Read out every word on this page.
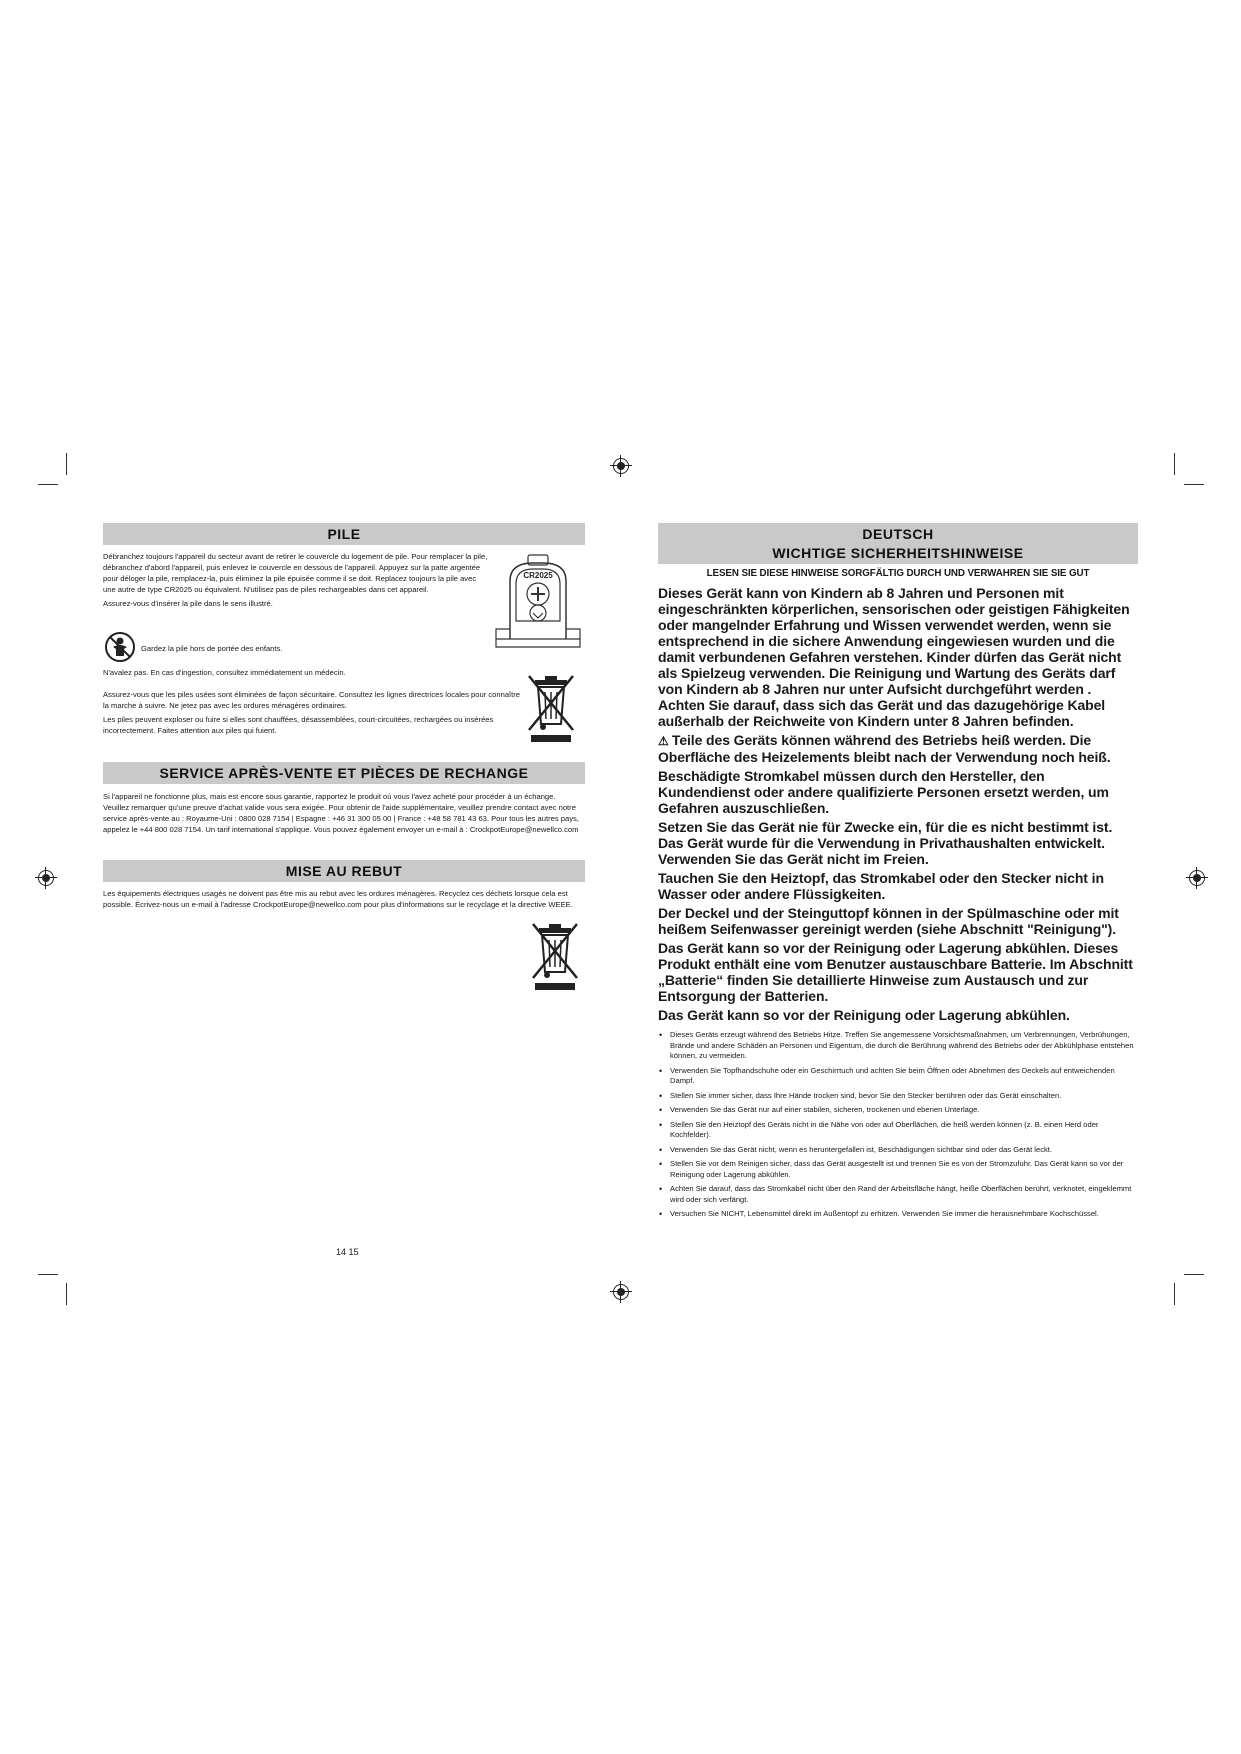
PILE

Débranchez toujours l'appareil du secteur avant de retirer le couvercle du logement de pile. Pour remplacer la pile, débranchez d'abord l'appareil, puis enlevez le couvercle en dessous de l'appareil. Appuyez sur la patte argentée pour déloger la pile, remplacez-la, puis éliminez la pile épuisée comme il se doit. Replacez toujours la pile avec une autre de type CR2025 ou équivalent. N'utilisez pas de piles rechargeables dans cet appareil.

Assurez-vous d'insérer la pile dans le sens illustré.

CR2025
Gardez la pile hors de portée des enfants.
N'avalez pas. En cas d'ingestion, consultez immédiatement un médecin.

Assurez-vous que les piles usées sont éliminées de façon sécuritaire. Consultez les lignes directrices locales pour connaître la marche à suivre. Ne jetez pas avec les ordures ménagères ordinaires.

Les piles peuvent exploser ou fuire si elles sont chauffées, désassemblées, court-circuitées, rechargées ou insérées incorrectement. Faites attention aux piles qui fuient.

SERVICE APRÈS-VENTE ET PIÈCES DE RECHANGE
Si l'appareil ne fonctionne plus, mais est encore sous garantie, rapportez le produit où vous l'avez acheté pour procéder à un échange. Veuillez remarquer qu'une preuve d'achat valide vous sera exigée. Pour obtenir de l'aide supplémentaire, veuillez prendre contact avec notre service après-vente au : Royaume-Uni : 0800 028 7154 | Espagne : +46 31 300 05 00 | France : +48 58 781 43 63. Pour tous les autres pays, appelez le +44 800 028 7154. Un tarif international s'applique. Vous pouvez également envoyer un e-mail à : CrockpotEurope@newellco.com
MISE AU REBUT
Les équipements électriques usagés ne doivent pas être mis au rebut avec les ordures ménagères. Recyclez ces déchets lorsque cela est possible. Écrivez-nous un e-mail à l'adresse CrockpotEurope@newellco.com pour plus d'informations sur le recyclage et la directive WEEE.
14 15
DEUTSCH
WICHTIGE SICHERHEITSHINWEISE
LESEN SIE DIESE HINWEISE SORGFÄLTIG DURCH UND VERWAHREN SIE SIE GUT

Dieses Gerät kann von Kindern ab 8 Jahren und Personen mit eingeschränkten körperlichen, sensorischen oder geistigen Fähigkeiten oder mangelnder Erfahrung und Wissen verwendet werden, wenn sie entsprechend in die sichere Anwendung eingewiesen wurden und die damit verbundenen Gefahren verstehen. Kinder dürfen das Gerät nicht als Spielzeug verwenden. Die Reinigung und Wartung des Geräts darf von Kindern ab 8 Jahren nur unter Aufsicht durchgeführt werden . Achten Sie darauf, dass sich das Gerät und das dazugehörige Kabel außerhalb der Reichweite von Kindern unter 8 Jahren befinden.

⚠ Teile des Geräts können während des Betriebs heiß werden. Die Oberfläche des Heizelements bleibt nach der Verwendung noch heiß.

Beschädigte Stromkabel müssen durch den Hersteller, den Kundendienst oder andere qualifizierte Personen ersetzt werden, um Gefahren auszuschließen.

Setzen Sie das Gerät nie für Zwecke ein, für die es nicht bestimmt ist. Das Gerät wurde für die Verwendung in Privathaushalten entwickelt. Verwenden Sie das Gerät nicht im Freien.

Tauchen Sie den Heiztopf, das Stromkabel oder den Stecker nicht in Wasser oder andere Flüssigkeiten.

Der Deckel und der Steinguttopf können in der Spülmaschine oder mit heißem Seifenwasser gereinigt werden (siehe Abschnitt "Reinigung").

Das Gerät kann so vor der Reinigung oder Lagerung abkühlen. Dieses Produkt enthält eine vom Benutzer austauschbare Batterie. Im Abschnitt „Batterie“ finden Sie detaillierte Hinweise zum Austausch und zur Entsorgung der Batterien.

Das Gerät kann so vor der Reinigung oder Lagerung abkühlen.

• Dieses Geräts erzeugt während des Betriebs Hitze. Treffen Sie angemessene Vorsichtsmaßnahmen, um Verbrennungen, Verbrühungen, Brände und andere Schäden an Personen und Eigentum, die durch die Berührung während des Betriebs oder der Abkühlphase entstehen können, zu vermeiden.
• Verwenden Sie Topfhandschuhe oder ein Geschirrtuch und achten Sie beim Öffnen oder Abnehmen des Deckels auf entweichenden Dampf.
• Stellen Sie immer sicher, dass Ihre Hände trocken sind, bevor Sie den Stecker berühren oder das Gerät einschalten.
• Verwenden Sie das Gerät nur auf einer stabilen, sicheren, trockenen und ebenen Unterlage.
• Stellen Sie den Heiztopf des Geräts nicht in die Nähe von oder auf Oberflächen, die heiß werden können (z. B. einen Herd oder Kochfelder).
• Verwenden Sie das Gerät nicht, wenn es heruntergefallen ist, Beschädigungen sichtbar sind oder das Gerät leckt.
• Stellen Sie vor dem Reinigen sicher, dass das Gerät ausgestellt ist und trennen Sie es von der Stromzufuhr. Das Gerät kann so vor der Reinigung oder Lagerung abkühlen.
• Achten Sie darauf, dass das Stromkabel nicht über den Rand der Arbeitsfläche hängt, heiße Oberflächen berührt, verknotet, eingeklemmt wird oder sich verfängt.
• Versuchen Sie NICHT, Lebensmittel direkt im Außentopf zu erhitzen. Verwenden Sie immer die herausnehmbare Kochschüssel.
